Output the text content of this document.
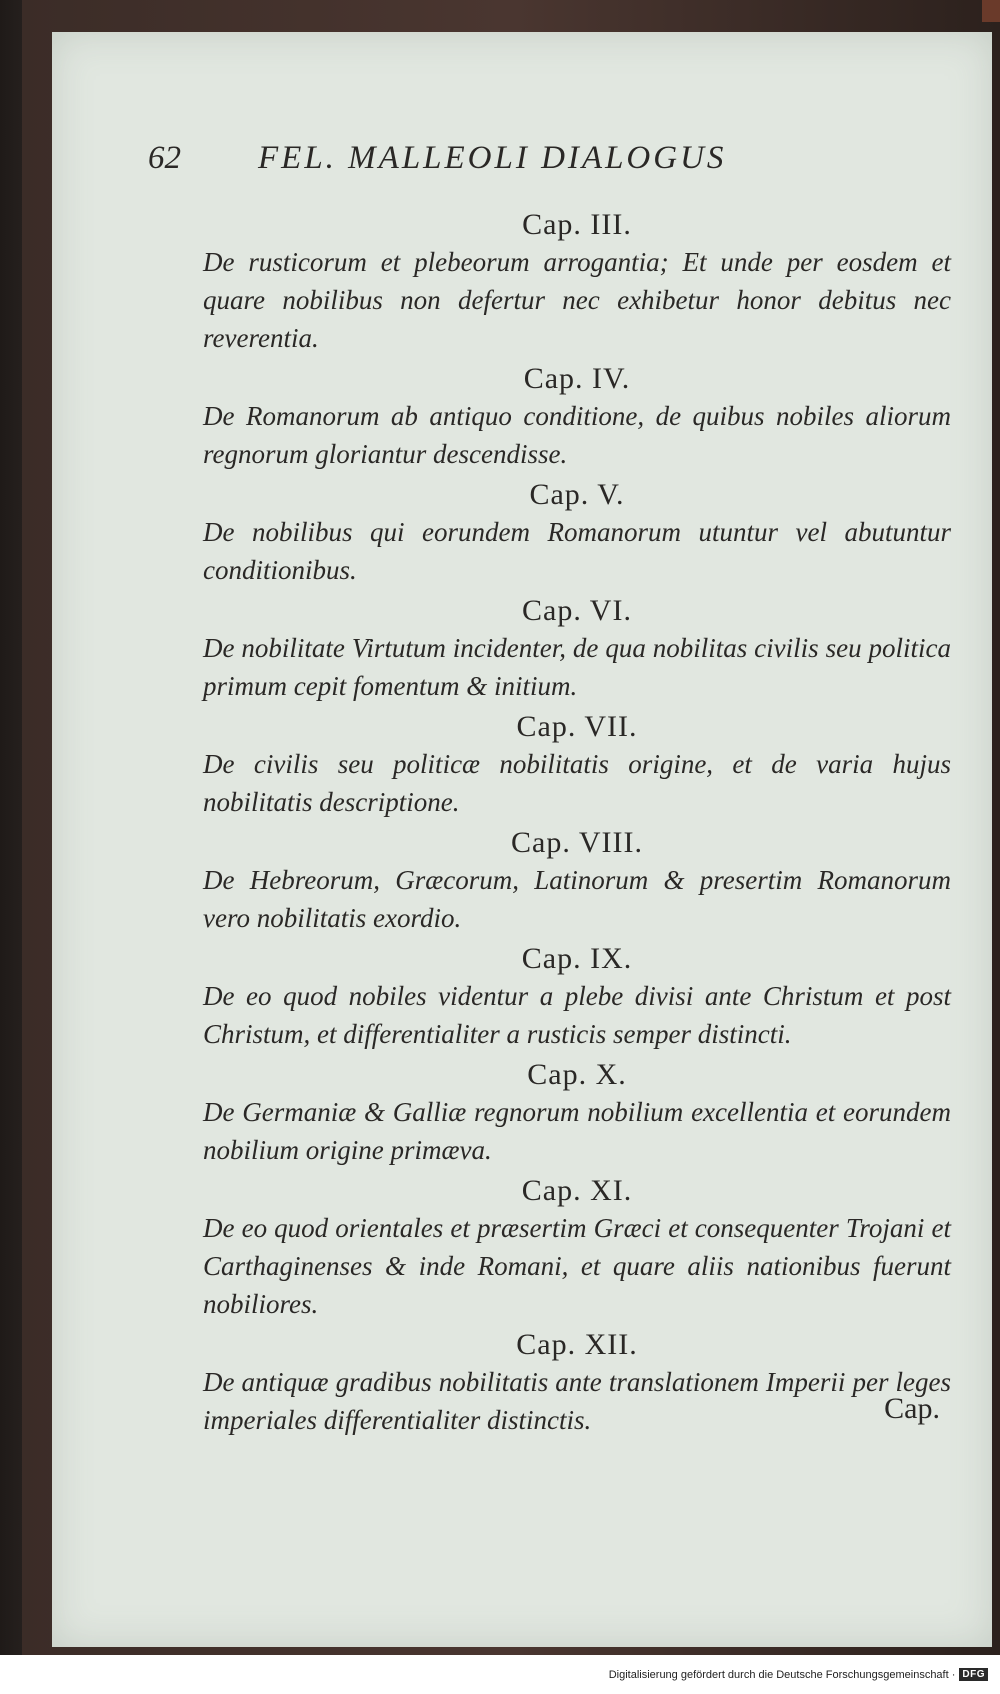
62	FEL. MALLEOLI DIALOGUS
Cap. III.

De rusticorum et plebeorum arrogantia; Et unde per eosdem et quare nobilibus non defertur nec exhibetur honor debitus nec reverentia.

Cap. IV.

De Romanorum ab antiquo conditione, de quibus nobiles aliorum regnorum gloriantur descendisse.

Cap. V.

De nobilibus qui eorundem Romanorum utuntur vel abutuntur conditionibus.

Cap. VI.

De nobilitate Virtutum incidenter, de qua nobilitas civilis seu politica primum cepit fomentum & initium.

Cap. VII.

De civilis seu politicæ nobilitatis origine, et de varia hujus nobilitatis descriptione.

Cap. VIII.

De Hebreorum, Græcorum, Latinorum & presertim Romanorum vero nobilitatis exordio.

Cap. IX.

De eo quod nobiles videntur a plebe divisi ante Christum et post Christum, et differentialiter a rusticis semper distincti.

Cap. X.

De Germaniæ & Galliæ regnorum nobilium excellentia et eorundem nobilium origine primæva.

Cap. XI.

De eo quod orientales et præsertim Græci et consequenter Trojani et Carthaginenses & inde Romani, et quare aliis nationibus fuerunt nobiliores.

Cap. XII.

De antiquæ gradibus nobilitatis ante translationem Imperii per leges imperiales differentialiter distinctis.	Cap.
Digitalisierung gefördert durch die Deutsche Forschungsgemeinschaft · DFG
